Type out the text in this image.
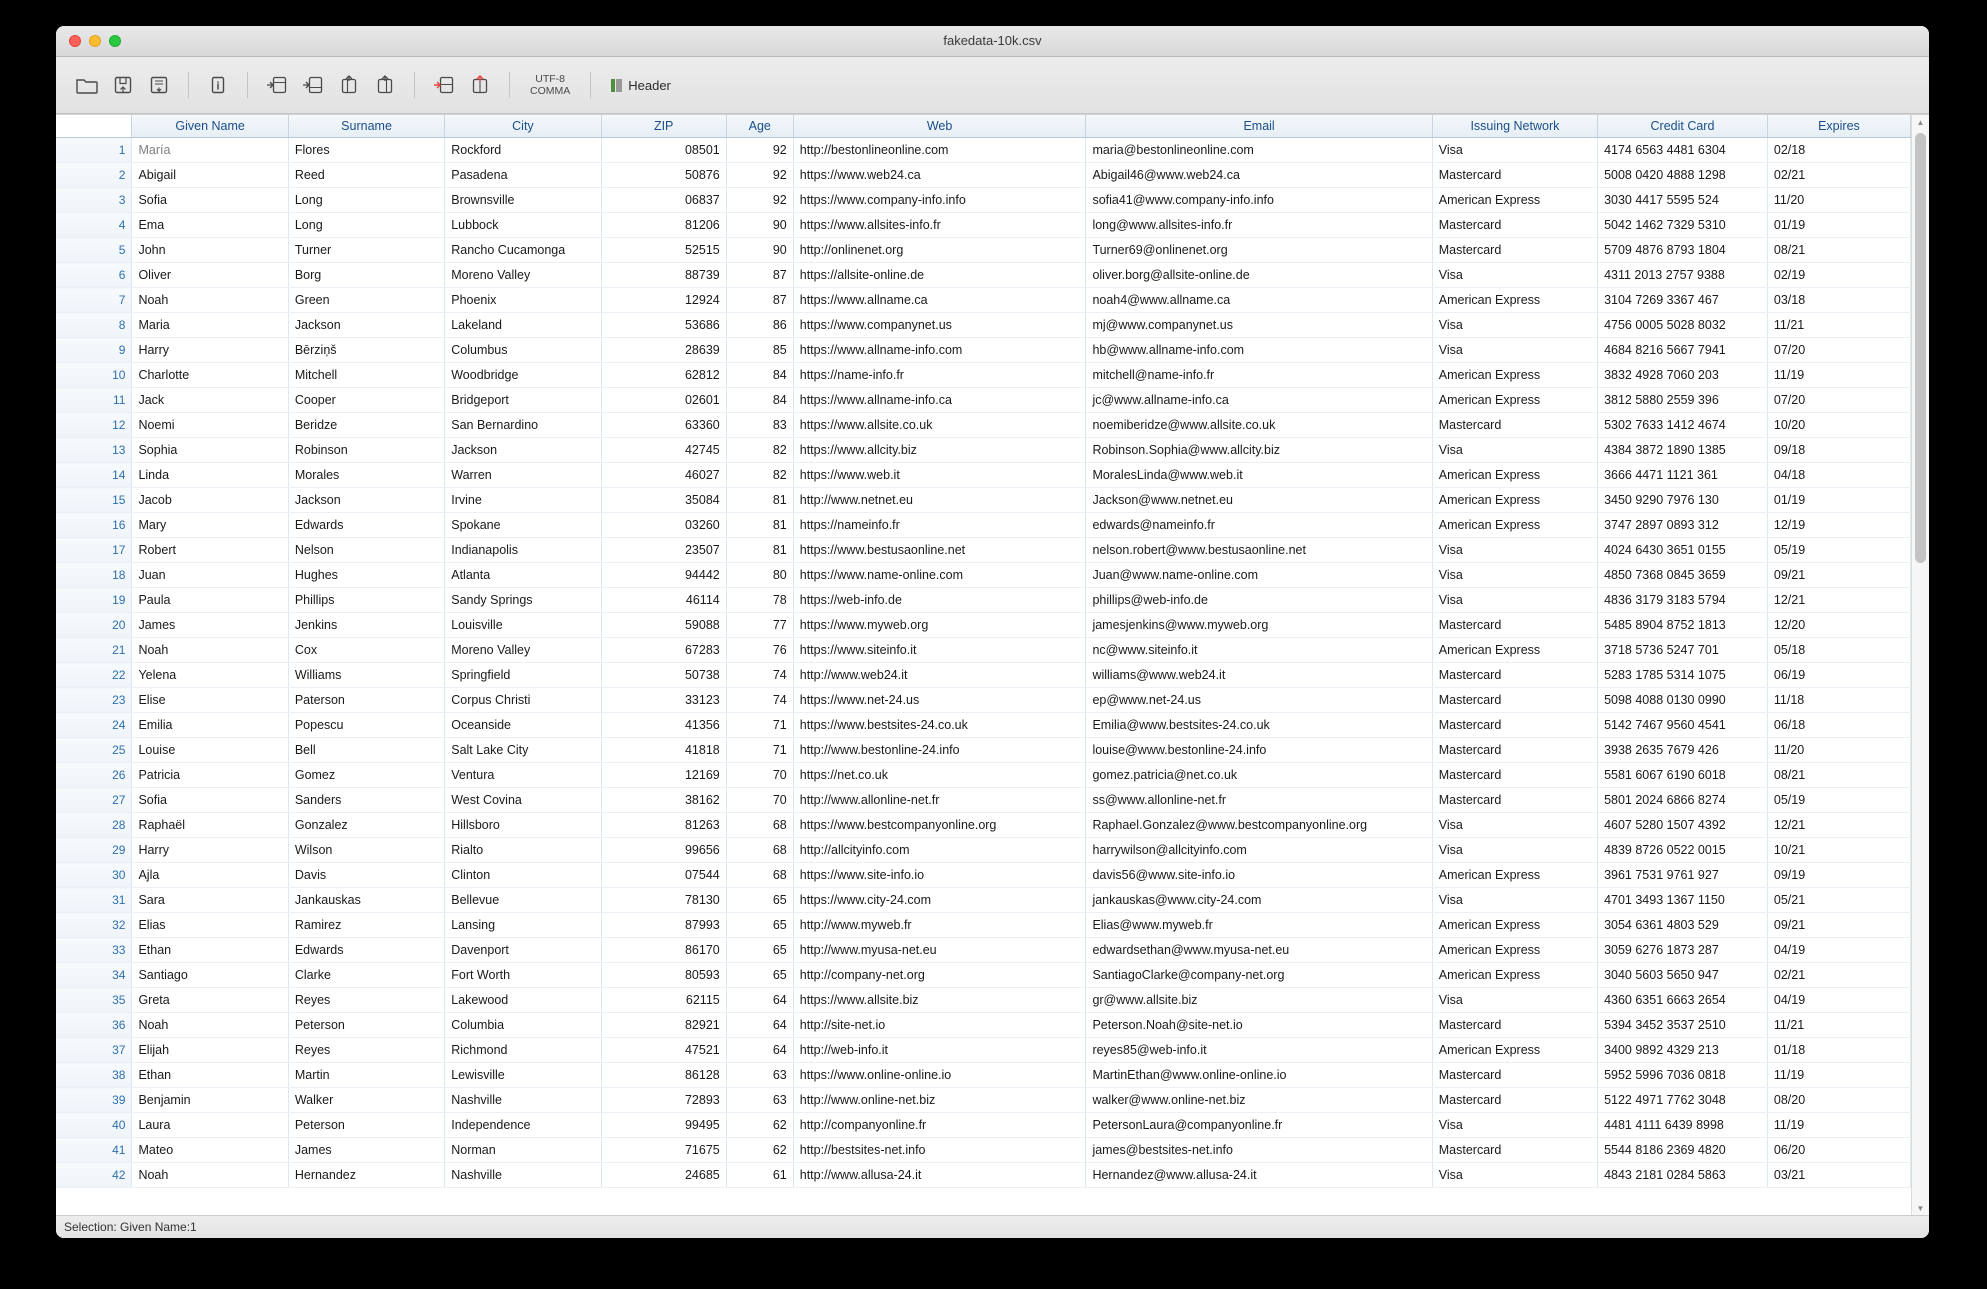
fakedata-10k.csv
UTF-8
COMMA	Header
	Given Name	Surname	City	ZIP	Age	Web	Email	Issuing Network	Credit Card	Expires
1	María	Flores	Rockford	08501	92	http://bestonlineonline.com	maria@bestonlineonline.com	Visa	4174 6563 4481 6304	02/18
2	Abigail	Reed	Pasadena	50876	92	https://www.web24.ca	Abigail46@www.web24.ca	Mastercard	5008 0420 4888 1298	02/21
3	Sofia	Long	Brownsville	06837	92	https://www.company-info.info	sofia41@www.company-info.info	American Express	3030 4417 5595 524	11/20
4	Ema	Long	Lubbock	81206	90	https://www.allsites-info.fr	long@www.allsites-info.fr	Mastercard	5042 1462 7329 5310	01/19
5	John	Turner	Rancho Cucamonga	52515	90	http://onlinenet.org	Turner69@onlinenet.org	Mastercard	5709 4876 8793 1804	08/21
6	Oliver	Borg	Moreno Valley	88739	87	https://allsite-online.de	oliver.borg@allsite-online.de	Visa	4311 2013 2757 9388	02/19
7	Noah	Green	Phoenix	12924	87	https://www.allname.ca	noah4@www.allname.ca	American Express	3104 7269 3367 467	03/18
8	Maria	Jackson	Lakeland	53686	86	https://www.companynet.us	mj@www.companynet.us	Visa	4756 0005 5028 8032	11/21
9	Harry	Bērziņš	Columbus	28639	85	https://www.allname-info.com	hb@www.allname-info.com	Visa	4684 8216 5667 7941	07/20
10	Charlotte	Mitchell	Woodbridge	62812	84	https://name-info.fr	mitchell@name-info.fr	American Express	3832 4928 7060 203	11/19
11	Jack	Cooper	Bridgeport	02601	84	https://www.allname-info.ca	jc@www.allname-info.ca	American Express	3812 5880 2559 396	07/20
12	Noemi	Beridze	San Bernardino	63360	83	https://www.allsite.co.uk	noemiberidze@www.allsite.co.uk	Mastercard	5302 7633 1412 4674	10/20
13	Sophia	Robinson	Jackson	42745	82	https://www.allcity.biz	Robinson.Sophia@www.allcity.biz	Visa	4384 3872 1890 1385	09/18
14	Linda	Morales	Warren	46027	82	https://www.web.it	MoralesLinda@www.web.it	American Express	3666 4471 1121 361	04/18
15	Jacob	Jackson	Irvine	35084	81	http://www.netnet.eu	Jackson@www.netnet.eu	American Express	3450 9290 7976 130	01/19
16	Mary	Edwards	Spokane	03260	81	https://nameinfo.fr	edwards@nameinfo.fr	American Express	3747 2897 0893 312	12/19
17	Robert	Nelson	Indianapolis	23507	81	https://www.bestusaonline.net	nelson.robert@www.bestusaonline.net	Visa	4024 6430 3651 0155	05/19
18	Juan	Hughes	Atlanta	94442	80	https://www.name-online.com	Juan@www.name-online.com	Visa	4850 7368 0845 3659	09/21
19	Paula	Phillips	Sandy Springs	46114	78	https://web-info.de	phillips@web-info.de	Visa	4836 3179 3183 5794	12/21
20	James	Jenkins	Louisville	59088	77	https://www.myweb.org	jamesjenkins@www.myweb.org	Mastercard	5485 8904 8752 1813	12/20
21	Noah	Cox	Moreno Valley	67283	76	https://www.siteinfo.it	nc@www.siteinfo.it	American Express	3718 5736 5247 701	05/18
22	Yelena	Williams	Springfield	50738	74	http://www.web24.it	williams@www.web24.it	Mastercard	5283 1785 5314 1075	06/19
23	Elise	Paterson	Corpus Christi	33123	74	https://www.net-24.us	ep@www.net-24.us	Mastercard	5098 4088 0130 0990	11/18
24	Emilia	Popescu	Oceanside	41356	71	https://www.bestsites-24.co.uk	Emilia@www.bestsites-24.co.uk	Mastercard	5142 7467 9560 4541	06/18
25	Louise	Bell	Salt Lake City	41818	71	http://www.bestonline-24.info	louise@www.bestonline-24.info	Mastercard	3938 2635 7679 426	11/20
26	Patricia	Gomez	Ventura	12169	70	https://net.co.uk	gomez.patricia@net.co.uk	Mastercard	5581 6067 6190 6018	08/21
27	Sofia	Sanders	West Covina	38162	70	http://www.allonline-net.fr	ss@www.allonline-net.fr	Mastercard	5801 2024 6866 8274	05/19
28	Raphaël	Gonzalez	Hillsboro	81263	68	https://www.bestcompanyonline.org	Raphael.Gonzalez@www.bestcompanyonline.org	Visa	4607 5280 1507 4392	12/21
29	Harry	Wilson	Rialto	99656	68	http://allcityinfo.com	harrywilson@allcityinfo.com	Visa	4839 8726 0522 0015	10/21
30	Ajla	Davis	Clinton	07544	68	https://www.site-info.io	davis56@www.site-info.io	American Express	3961 7531 9761 927	09/19
31	Sara	Jankauskas	Bellevue	78130	65	https://www.city-24.com	jankauskas@www.city-24.com	Visa	4701 3493 1367 1150	05/21
32	Elias	Ramirez	Lansing	87993	65	http://www.myweb.fr	Elias@www.myweb.fr	American Express	3054 6361 4803 529	09/21
33	Ethan	Edwards	Davenport	86170	65	http://www.myusa-net.eu	edwardsethan@www.myusa-net.eu	American Express	3059 6276 1873 287	04/19
34	Santiago	Clarke	Fort Worth	80593	65	http://company-net.org	SantiagoClarke@company-net.org	American Express	3040 5603 5650 947	02/21
35	Greta	Reyes	Lakewood	62115	64	https://www.allsite.biz	gr@www.allsite.biz	Visa	4360 6351 6663 2654	04/19
36	Noah	Peterson	Columbia	82921	64	http://site-net.io	Peterson.Noah@site-net.io	Mastercard	5394 3452 3537 2510	11/21
37	Elijah	Reyes	Richmond	47521	64	http://web-info.it	reyes85@web-info.it	American Express	3400 9892 4329 213	01/18
38	Ethan	Martin	Lewisville	86128	63	https://www.online-online.io	MartinEthan@www.online-online.io	Mastercard	5952 5996 7036 0818	11/19
39	Benjamin	Walker	Nashville	72893	63	http://www.online-net.biz	walker@www.online-net.biz	Mastercard	5122 4971 7762 3048	08/20
40	Laura	Peterson	Independence	99495	62	http://companyonline.fr	PetersonLaura@companyonline.fr	Visa	4481 4111 6439 8998	11/19
41	Mateo	James	Norman	71675	62	http://bestsites-net.info	james@bestsites-net.info	Mastercard	5544 8186 2369 4820	06/20
42	Noah	Hernandez	Nashville	24685	61	http://www.allusa-24.it	Hernandez@www.allusa-24.it	Visa	4843 2181 0284 5863	03/21
▲
▼
Selection: Given Name:1
